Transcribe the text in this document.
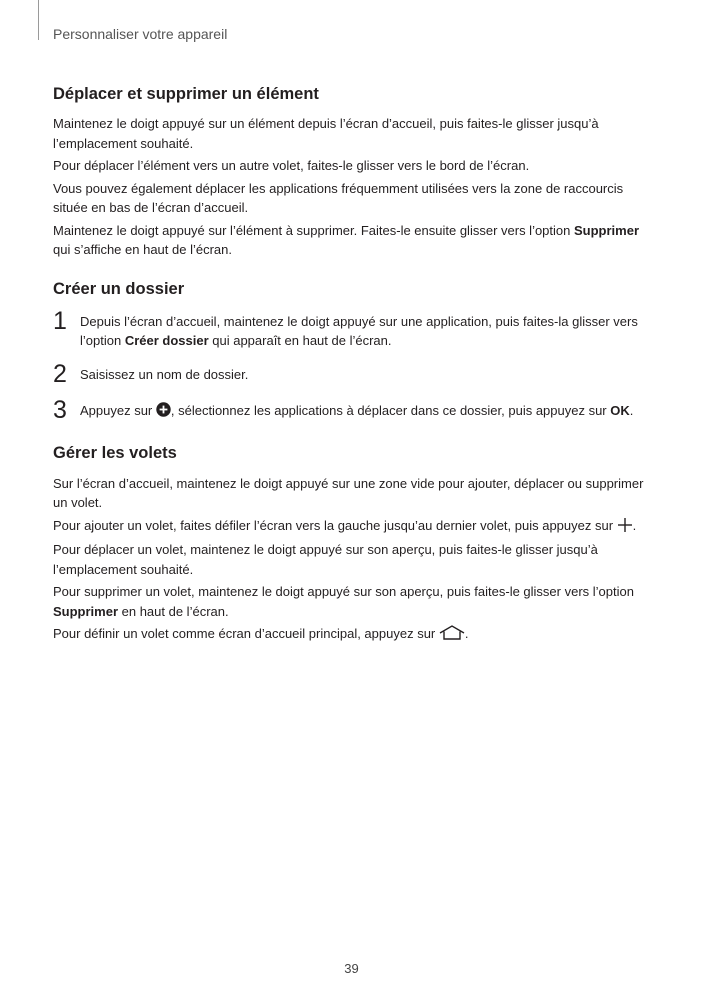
Personnaliser votre appareil
Déplacer et supprimer un élément

Maintenez le doigt appuyé sur un élément depuis l’écran d’accueil, puis faites-le glisser jusqu’à l’emplacement souhaité.

Pour déplacer l’élément vers un autre volet, faites-le glisser vers le bord de l’écran.

Vous pouvez également déplacer les applications fréquemment utilisées vers la zone de raccourcis située en bas de l’écran d’accueil.

Maintenez le doigt appuyé sur l’élément à supprimer. Faites-le ensuite glisser vers l’option Supprimer qui s’affiche en haut de l’écran.

Créer un dossier
1	Depuis l’écran d’accueil, maintenez le doigt appuyé sur une application, puis faites-la glisser vers l’option Créer dossier qui apparaît en haut de l’écran.
2	Saisissez un nom de dossier.
3	Appuyez sur , sélectionnez les applications à déplacer dans ce dossier, puis appuyez sur OK.
Gérer les volets

Sur l’écran d’accueil, maintenez le doigt appuyé sur une zone vide pour ajouter, déplacer ou supprimer un volet.

Pour ajouter un volet, faites défiler l’écran vers la gauche jusqu’au dernier volet, puis appuyez sur .

Pour déplacer un volet, maintenez le doigt appuyé sur son aperçu, puis faites-le glisser jusqu’à l’emplacement souhaité.

Pour supprimer un volet, maintenez le doigt appuyé sur son aperçu, puis faites-le glisser vers l’option Supprimer en haut de l’écran.

Pour définir un volet comme écran d’accueil principal, appuyez sur .

39
